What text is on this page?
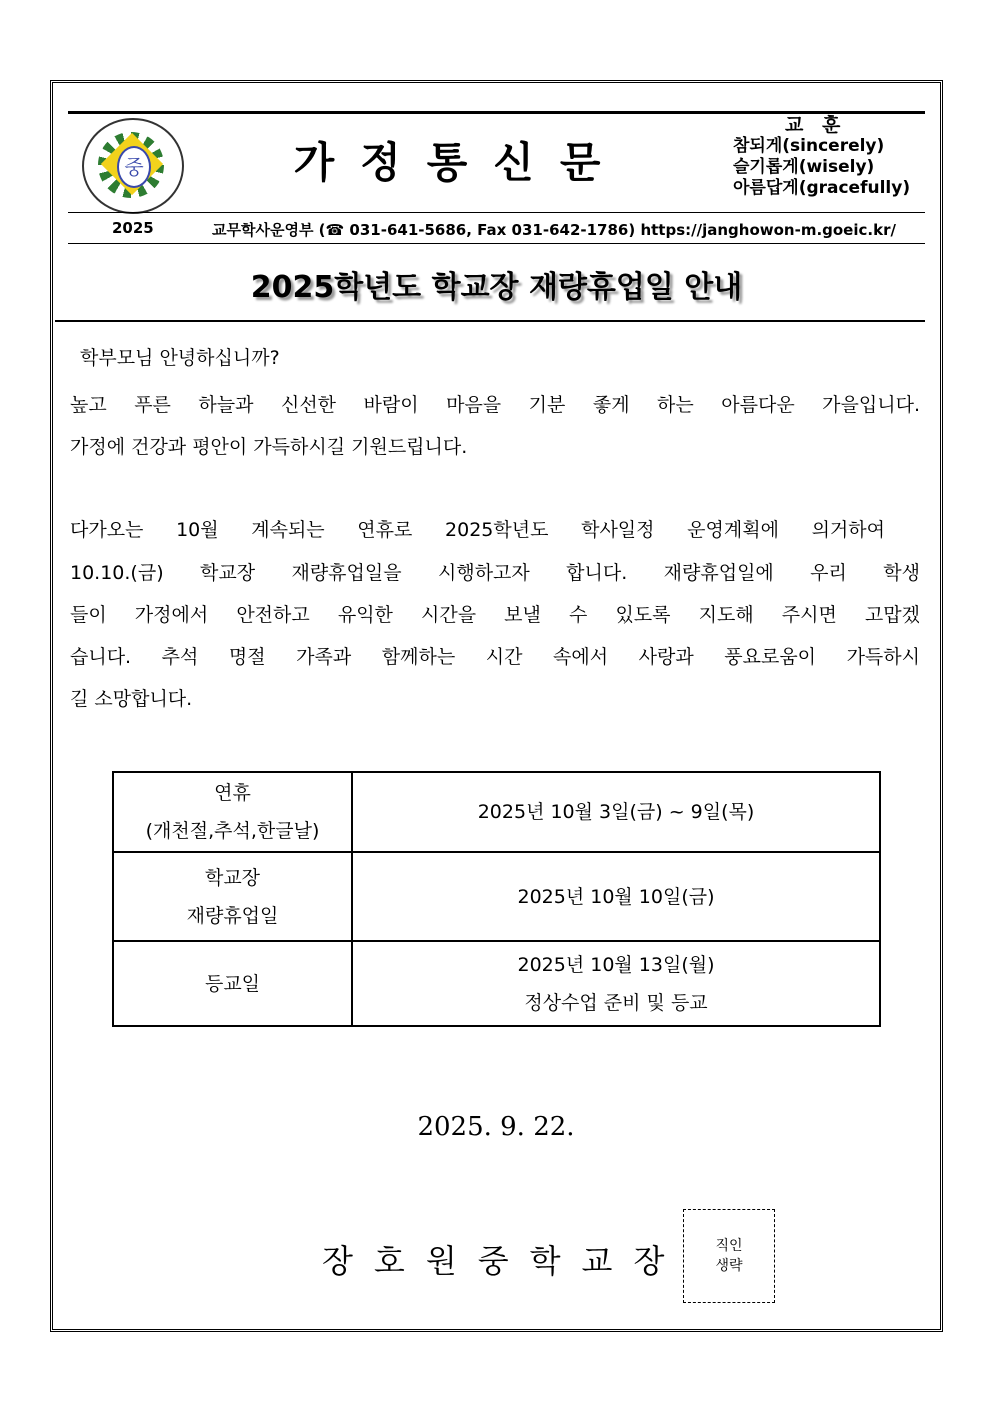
중	가정통신문
교 훈
참되게(sincerely)
슬기롭게(wisely)
아름답게(gracefully)
2025	교무학사운영부 (☎ 031-641-5686, Fax 031-642-1786) https://janghowon-m.goeic.kr/
2025학년도 학교장 재량휴업일 안내
학부모님 안녕하십니까?
높고 푸른 하늘과 신선한 바람이 마음을 기분 좋게 하는 아름다운 가을입니다.
가정에 건강과 평안이 가득하시길 기원드립니다.
다가오는 10월 계속되는 연휴로 2025학년도 학사일정 운영계획에 의거하여
10.10.(금) 학교장 재량휴업일을 시행하고자 합니다. 재량휴업일에 우리 학생
들이 가정에서 안전하고 유익한 시간을 보낼 수 있도록 지도해 주시면 고맙겠
습니다. 추석 명절 가족과 함께하는 시간 속에서 사랑과 풍요로움이 가득하시
길 소망합니다.
연휴
(개천절,추석,한글날)	2025년 10월 3일(금) ~ 9일(목)

학교장
재량휴업일	2025년 10월 10일(금)
등교일	2025년 10월 13일(월)
정상수업 준비 및 등교
2025. 9. 22.
장호원중학교장	직인
생략
